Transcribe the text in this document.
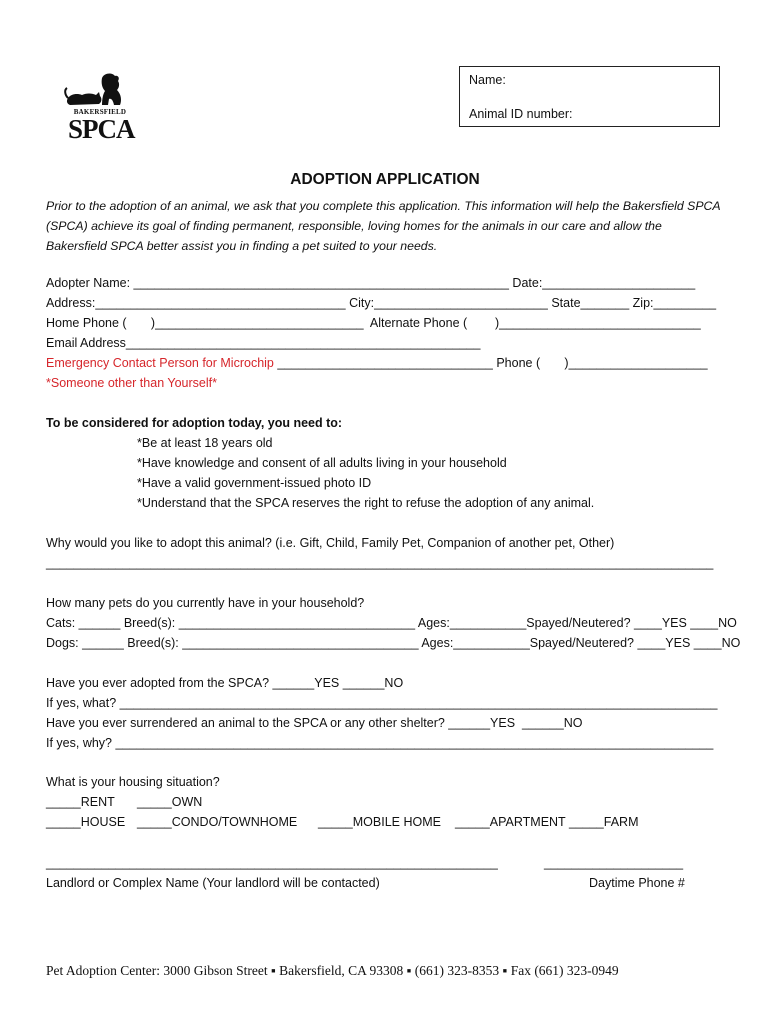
BAKERSFIELD
SPCA
Name:
Animal ID number:
ADOPTION APPLICATION
Prior to the adoption of an animal, we ask that you complete this application. This information will help the Bakersfield SPCA (SPCA) achieve its goal of finding permanent, responsible, loving homes for the animals in our care and allow the Bakersfield SPCA better assist you in finding a pet suited to your needs.
Adopter Name: ______________________________________________________ Date:______________________
Address:____________________________________ City:_________________________ State_______ Zip:_________
Home Phone (       )______________________________  Alternate Phone (        )_____________________________
Email Address___________________________________________________
Emergency Contact Person for Microchip _______________________________ Phone (       )____________________
*Someone other than Yourself*
To be considered for adoption today, you need to:
*Be at least 18 years old
*Have knowledge and consent of all adults living in your household
*Have a valid government-issued photo ID
*Understand that the SPCA reserves the right to refuse the adoption of any animal.
Why would you like to adopt this animal? (i.e. Gift, Child, Family Pet, Companion of another pet, Other)
________________________________________________________________________________________________
How many pets do you currently have in your household?
Cats: ______ Breed(s): __________________________________ Ages:___________Spayed/Neutered? ____YES ____NO
Dogs: ______ Breed(s): __________________________________ Ages:___________Spayed/Neutered? ____YES ____NO
Have you ever adopted from the SPCA? ______YES ______NO
If yes, what? ______________________________________________________________________________________
Have you ever surrendered an animal to the SPCA or any other shelter? ______YES  ______NO
If yes, why? ______________________________________________________________________________________
What is your housing situation?
_____RENT _____OWN
_____HOUSE _____CONDO/TOWNHOME _____MOBILE HOME _____APARTMENT _____FARM
_________________________________________________________________	____________________
Landlord or Complex Name (Your landlord will be contacted)	Daytime Phone #
Pet Adoption Center: 3000 Gibson Street ▪ Bakersfield, CA 93308 ▪ (661) 323-8353 ▪ Fax (661) 323-0949
